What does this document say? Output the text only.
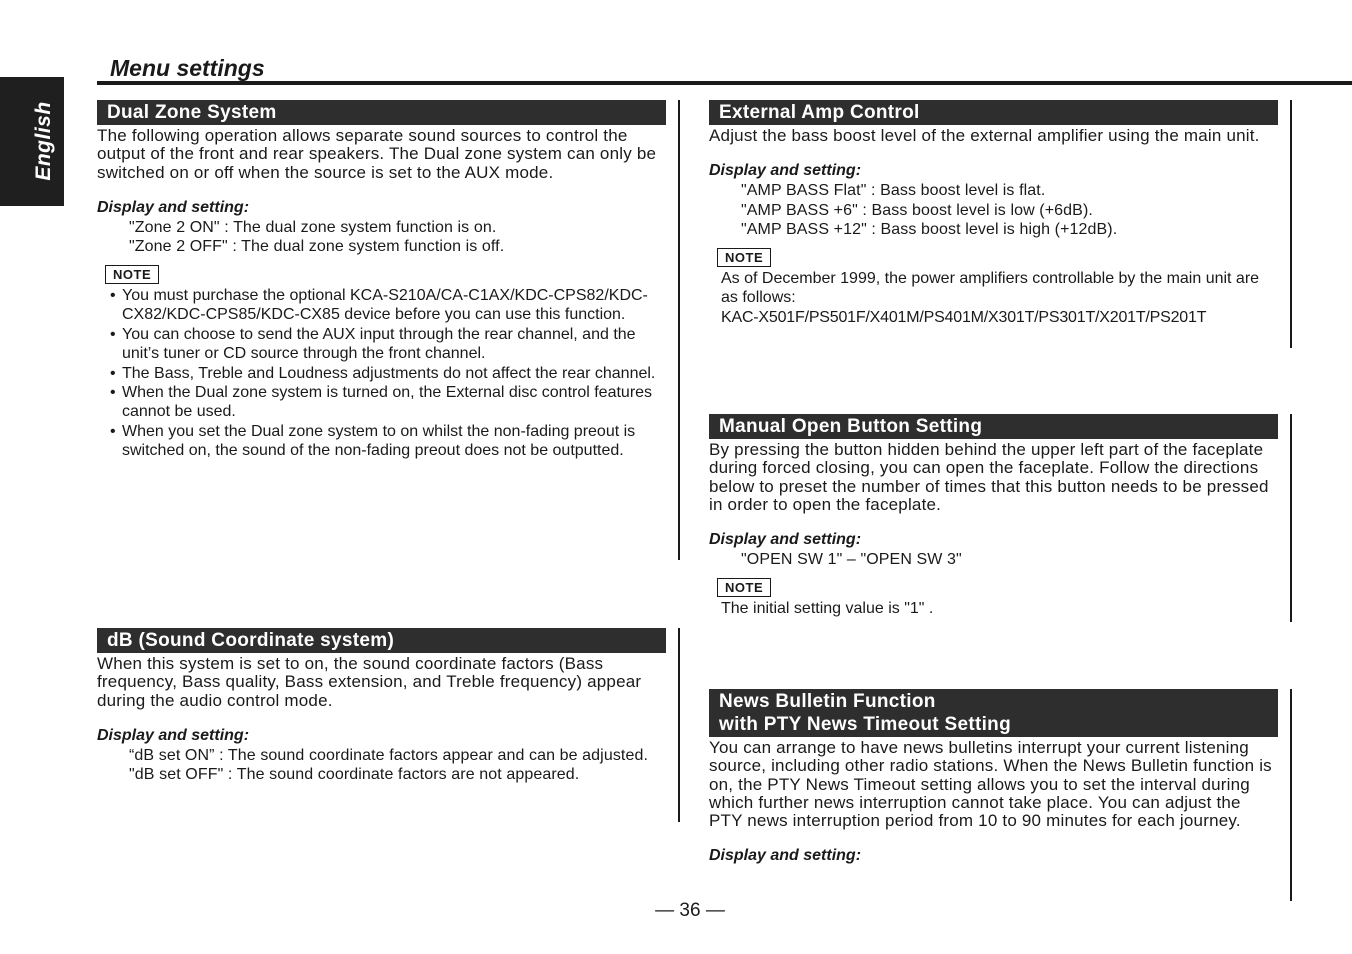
English
Menu settings
Dual Zone System

The following operation allows separate sound sources to control the output of the front and rear speakers. The Dual zone system can only be switched on or off when the source is set to the AUX mode.

Display and setting:
"Zone 2 ON" : The dual zone system function is on.
"Zone 2 OFF" : The dual zone system function is off.
NOTE
• You must purchase the optional KCA-S210A/CA-C1AX/KDC-CPS82/KDC-CX82/KDC-CPS85/KDC-CX85 device before you can use this function.
• You can choose to send the AUX input through the rear channel, and the unit’s tuner or CD source through the front channel.
• The Bass, Treble and Loudness adjustments do not affect the rear channel.
• When the Dual zone system is turned on, the External disc control features cannot be used.
• When you set the Dual zone system to on whilst the non-fading preout is switched on, the sound of the non-fading preout does not be outputted.
dB (Sound Coordinate system)

When this system is set to on, the sound coordinate factors (Bass frequency, Bass quality, Bass extension, and Treble frequency) appear during the audio control mode.

Display and setting:
“dB set ON” : The sound coordinate factors appear and can be adjusted.
"dB set OFF" : The sound coordinate factors are not appeared.
External Amp Control

Adjust the bass boost level of the external amplifier using the main unit.

Display and setting:
"AMP BASS Flat" : Bass boost level is flat.
"AMP BASS +6" : Bass boost level is low (+6dB).
"AMP BASS +12" : Bass boost level is high (+12dB).
NOTE
As of December 1999, the power amplifiers controllable by the main unit are as follows:
KAC-X501F/PS501F/X401M/PS401M/X301T/PS301T/X201T/PS201T
Manual Open Button Setting

By pressing the button hidden behind the upper left part of the faceplate during forced closing, you can open the faceplate. Follow the directions below to preset the number of times that this button needs to be pressed in order to open the faceplate.

Display and setting:
"OPEN SW 1" – "OPEN SW 3"
NOTE
The initial setting value is "1" .
News Bulletin Function
with PTY News Timeout Setting

You can arrange to have news bulletins interrupt your current listening source, including other radio stations. When the News Bulletin function is on, the PTY News Timeout setting allows you to set the interval during which further news interruption cannot take place. You can adjust the PTY news interruption period from 10 to 90 minutes for each journey.

Display and setting:
— 36 —
